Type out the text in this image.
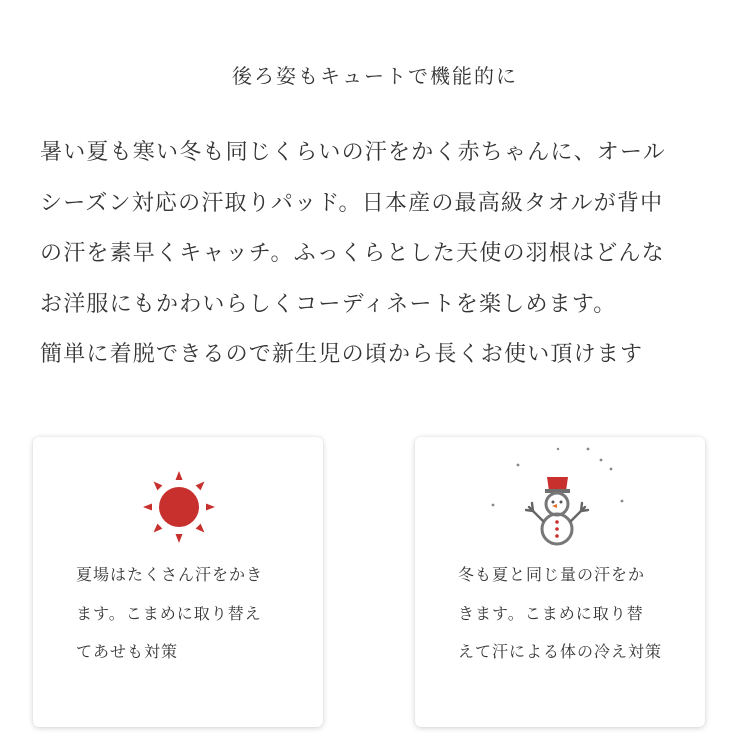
後ろ姿もキュートで機能的に
暑い夏も寒い冬も同じくらいの汗をかく赤ちゃんに、オール
シーズン対応の汗取りパッド。日本産の最高級タオルが背中
の汗を素早くキャッチ。ふっくらとした天使の羽根はどんな
お洋服にもかわいらしくコーディネートを楽しめます。
簡単に着脱できるので新生児の頃から長くお使い頂けます
夏場はたくさん汗をかき
ます。こまめに取り替え
てあせも対策
冬も夏と同じ量の汗をか
きます。こまめに取り替
えて汗による体の冷え対策
